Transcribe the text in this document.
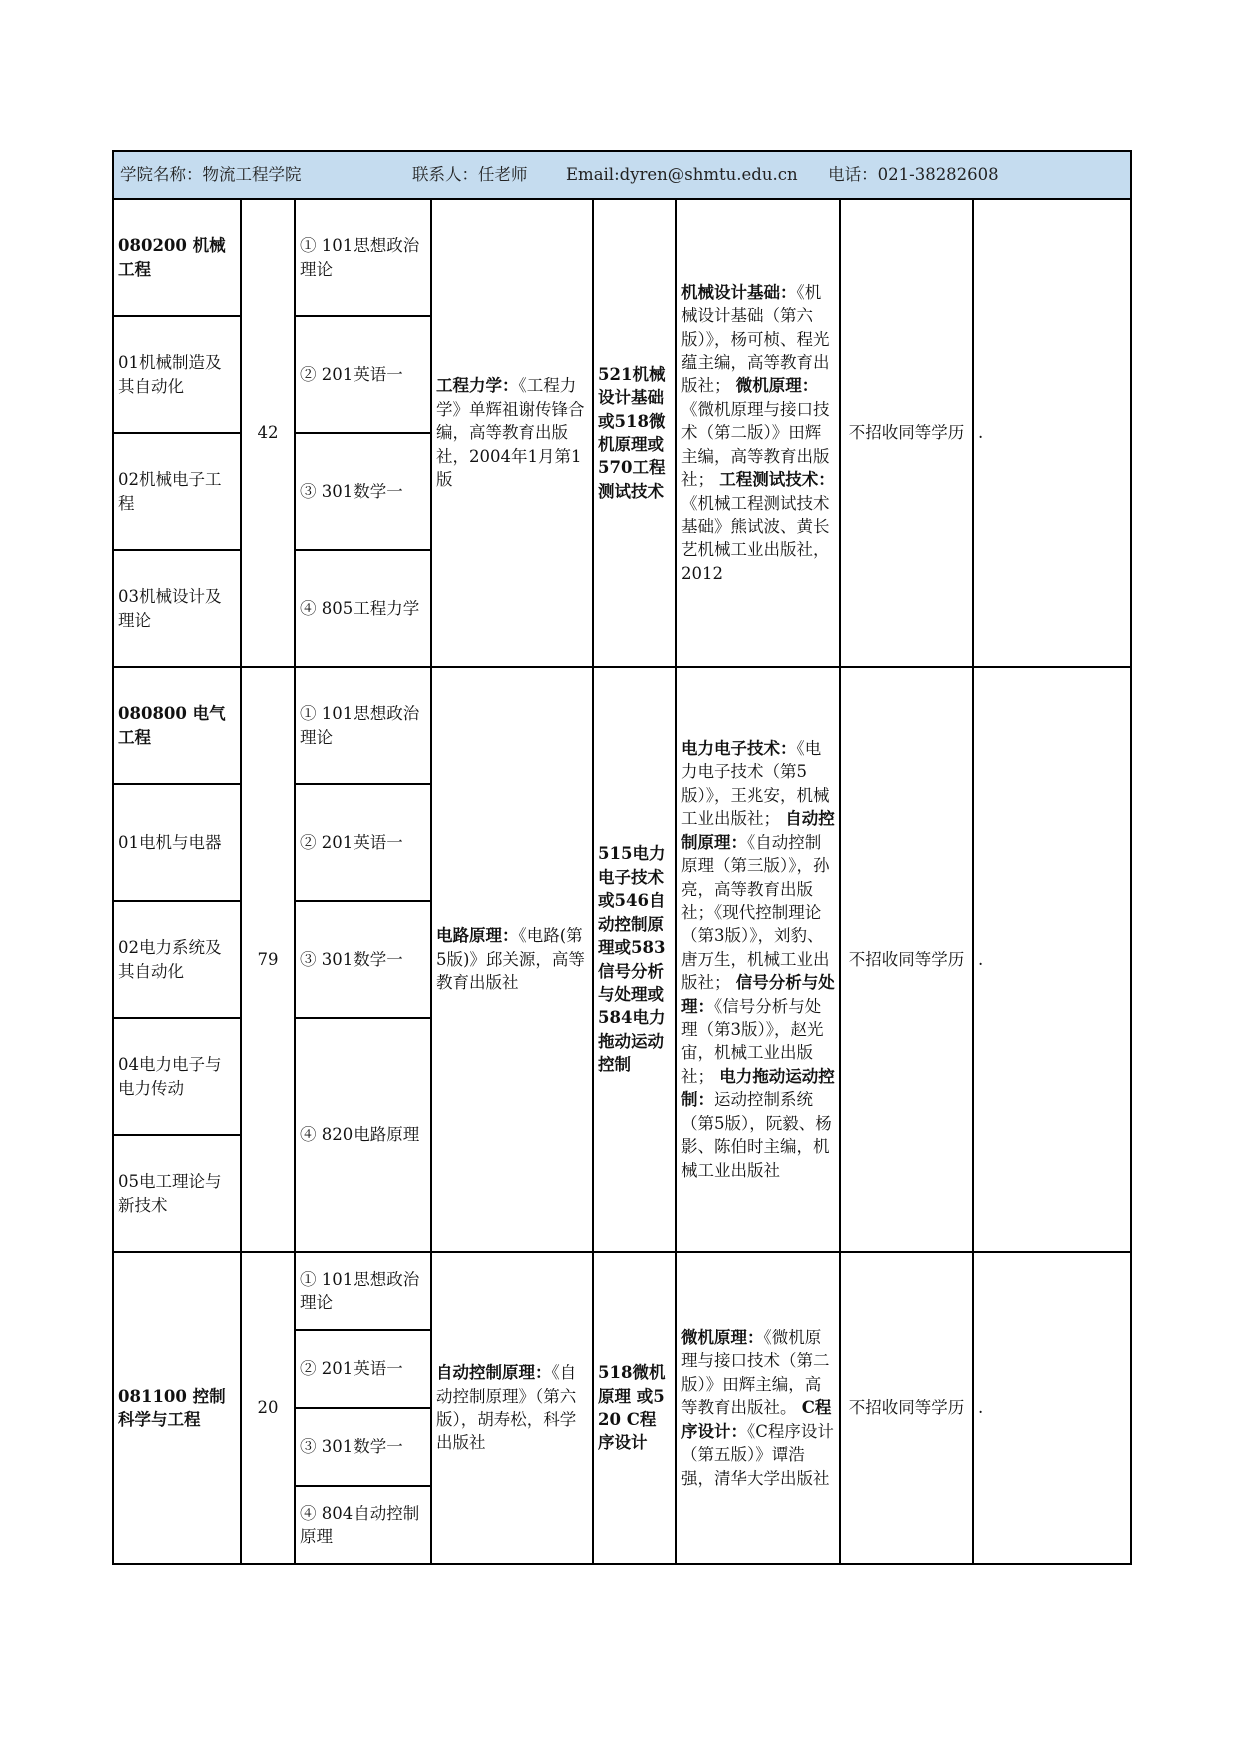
学院名称：物流工程学院 联系人：任老师 Email:dyren@shmtu.edu.cn 电话：021-38282608							
080200 机械工程	42	① 101思想政治理论	工程力学：《工程力学》单辉祖谢传锋合编，高等教育出版社，2004年1月第1版	521机械设计基础或518微机原理或570工程测试技术	机械设计基础：《机械设计基础（第六版）》，杨可桢、程光蕴主编，高等教育出版社； 微机原理：《微机原理与接口技术（第二版）》田辉主编，高等教育出版社； 工程测试技术：《机械工程测试技术基础》熊试波、黄长艺机械工业出版社，2012	不招收同等学历	.
01机械制造及其自动化		② 201英语一					
02机械电子工程		③ 301数学一					
03机械设计及理论		④ 805工程力学					
080800 电气工程	79	① 101思想政治理论	电路原理：《电路(第5版)》邱关源，高等教育出版社	515电力电子技术或546自动控制原理或583信号分析与处理或584电力拖动运动控制	电力电子技术：《电力电子技术（第5版）》，王兆安，机械工业出版社； 自动控制原理：《自动控制原理（第三版）》，孙亮，高等教育出版社；《现代控制理论（第3版）》，刘豹、唐万生，机械工业出版社； 信号分析与处理：《信号分析与处理（第3版）》，赵光宙，机械工业出版社； 电力拖动运动控制：运动控制系统（第5版），阮毅、杨影、陈伯时主编，机械工业出版社	不招收同等学历	.
01电机与电器		② 201英语一					
02电力系统及其自动化		③ 301数学一					
04电力电子与电力传动		④ 820电路原理					
05电工理论与新技术							
081100 控制科学与工程	20	① 101思想政治理论	自动控制原理：《自动控制原理》（第六版），胡寿松，科学出版社	518微机原理 或520 C程序设计	微机原理：《微机原理与接口技术（第二版）》田辉主编，高等教育出版社。 C程序设计：《C程序设计（第五版）》谭浩强，清华大学出版社	不招收同等学历	.
		② 201英语一					
		③ 301数学一					
		④ 804自动控制原理					
